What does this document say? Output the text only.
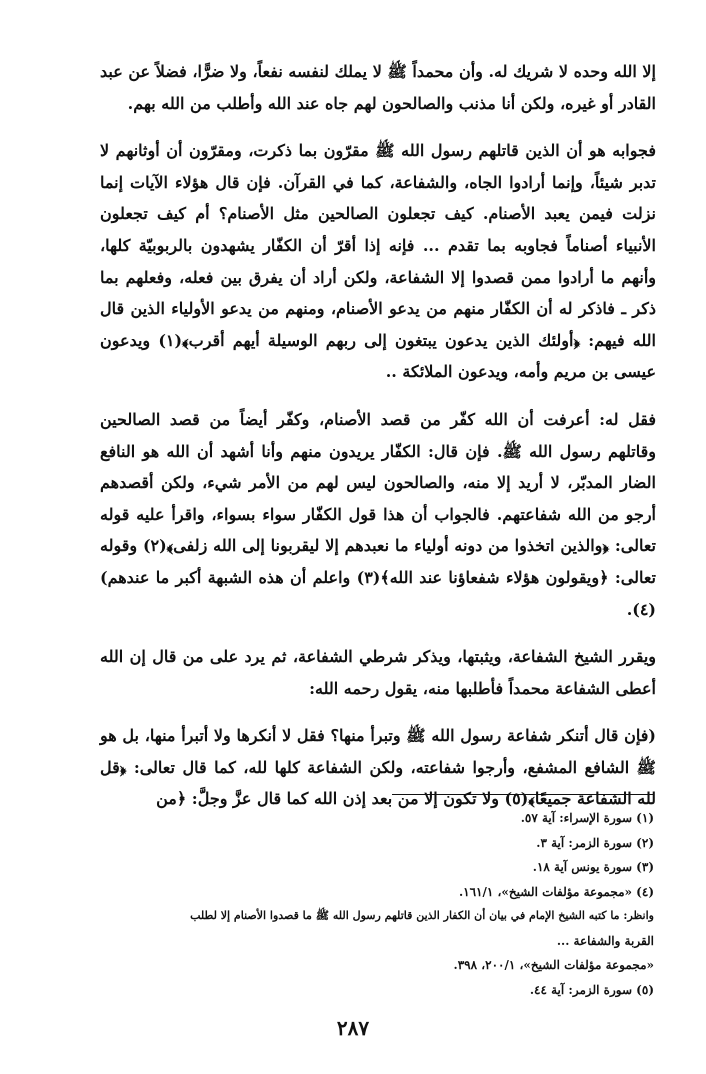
إلا الله وحده لا شريك له. وأن محمداً ﷺ لا يملك لنفسه نفعاً، ولا ضرًّا، فضلاً عن عبد القادر أو غيره، ولكن أنا مذنب والصالحون لهم جاه عند الله وأطلب من الله بهم.

فجوابه هو أن الذين قاتلهم رسول الله ﷺ مقرّون بما ذكرت، ومقرّون أن أوثانهم لا تدبر شيئاً، وإنما أرادوا الجاه، والشفاعة، كما في القرآن. فإن قال هؤلاء الآيات إنما نزلت فيمن يعبد الأصنام. كيف تجعلون الصالحين مثل الأصنام؟ أم كيف تجعلون الأنبياء أصناماً فجاوبه بما تقدم ... فإنه إذا أقرّ أن الكفّار يشهدون بالربوبيّة كلها، وأنهم ما أرادوا ممن قصدوا إلا الشفاعة، ولكن أراد أن يفرق بين فعله، وفعلهم بما ذكر ـ فاذكر له أن الكفّار منهم من يدعو الأصنام، ومنهم من يدعو الأولياء الذين قال الله فيهم: ﴿أولئك الذين يدعون يبتغون إلى ربهم الوسيلة أيهم أقرب﴾(١) ويدعون عيسى بن مريم وأمه، ويدعون الملائكة ..

فقل له: أعرفت أن الله كفّر من قصد الأصنام، وكفّر أيضاً من قصد الصالحين وقاتلهم رسول الله ﷺ. فإن قال: الكفّار يريدون منهم وأنا أشهد أن الله هو النافع الضار المدبّر، لا أريد إلا منه، والصالحون ليس لهم من الأمر شيء، ولكن أقصدهم أرجو من الله شفاعتهم. فالجواب أن هذا قول الكفّار سواء بسواء، واقرأ عليه قوله تعالى: ﴿والذين اتخذوا من دونه أولياء ما نعبدهم إلا ليقربونا إلى الله زلفى﴾(٢) وقوله تعالى: ﴿ويقولون هؤلاء شفعاؤنا عند الله﴾(٣) واعلم أن هذه الشبهة أكبر ما عندهم)(٤).

ويقرر الشيخ الشفاعة، ويثبتها، ويذكر شرطي الشفاعة، ثم يرد على من قال إن الله أعطى الشفاعة محمداً فأطلبها منه، يقول رحمه الله:

(فإن قال أتنكر شفاعة رسول الله ﷺ وتبرأ منها؟ فقل لا أنكرها ولا أتبرأ منها، بل هو ﷺ الشافع المشفع، وأرجوا شفاعته، ولكن الشفاعة كلها لله، كما قال تعالى: ﴿قل لله الشفاعة جميعًا﴾(٥) ولا تكون إلا من بعد إذن الله كما قال عزَّ وجلَّ: ﴿من

(١) سورة الإسراء: آية ٥٧.

(٢) سورة الزمر: آية ٣.

(٣) سورة يونس آية ١٨.

(٤) «مجموعة مؤلفات الشيخ»، ١٦١/١.

وانظر: ما كتبه الشيخ الإمام في بيان أن الكفار الذين قاتلهم رسول الله ﷺ ما قصدوا الأصنام إلا لطلب

القربة والشفاعة ...

«مجموعة مؤلفات الشيخ»، ٢٠٠/١، ٣٩٨.

(٥) سورة الزمر: آية ٤٤.

٢٨٧
